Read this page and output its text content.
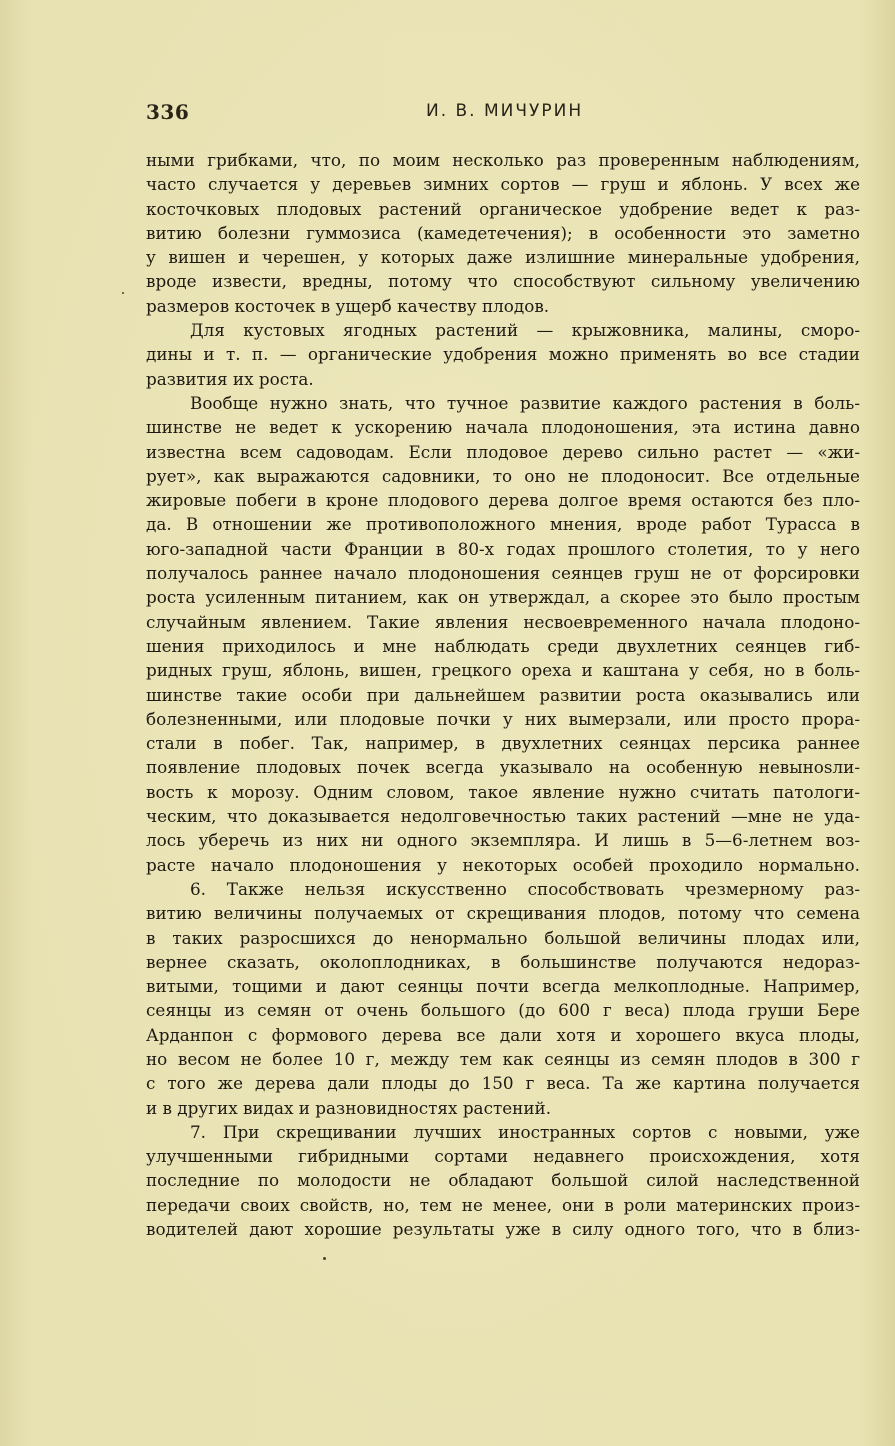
336	И. В. МИЧУРИН
ными грибками, что, по моим несколько раз проверенным наблюдениям,
часто случается у деревьев зимних сортов — груш и яблонь. У всех же
косточковых плодовых растений органическое удобрение ведет к раз-
витию болезни гуммозиса (камедетечения); в особенности это заметно
у вишен и черешен, у которых даже излишние минеральные удобрения,
вроде извести, вредны, потому что способствуют сильному увеличению
размеров косточек в ущерб качеству плодов.
Для кустовых ягодных растений — крыжовника, малины, сморо-
дины и т. п. — органические удобрения можно применять во все стадии
развития их роста.
Вообще нужно знать, что тучное развитие каждого растения в боль-
шинстве не ведет к ускорению начала плодоношения, эта истина давно
известна всем садоводам. Если плодовое дерево сильно растет — «жи-
рует», как выражаются садовники, то оно не плодоносит. Все отдельные
жировые побеги в кроне плодового дерева долгое время остаются без пло-
да. В отношении же противоположного мнения, вроде работ Турасса в
юго-западной части Франции в 80-х годах прошлого столетия, то у него
получалось раннее начало плодоношения сеянцев груш не от форсировки
роста усиленным питанием, как он утверждал, а скорее это было простым
случайным явлением. Такие явления несвоевременного начала плодоно-
шения приходилось и мне наблюдать среди двухлетних сеянцев гиб-
ридных груш, яблонь, вишен, грецкого ореха и каштана у себя, но в боль-
шинстве такие особи при дальнейшем развитии роста оказывались или
болезненными, или плодовые почки у них вымерзали, или просто прора-
стали в побег. Так, например, в двухлетних сеянцах персика раннее
появление плодовых почек всегда указывало на особенную невынosли-
вость к морозу. Одним словом, такое явление нужно считать патологи-
ческим, что доказывается недолговечностью таких растений —мне не уда-
лось уберечь из них ни одного экземпляра. И лишь в 5—6-летнем воз-
расте начало плодоношения у некоторых особей проходило нормально.
6. Также нельзя искусственно способствовать чрезмерному раз-
витию величины получаемых от скрещивания плодов, потому что семена
в таких разросшихся до ненормально большой величины плодах или,
вернее сказать, околоплодниках, в большинстве получаются недораз-
витыми, тощими и дают сеянцы почти всегда мелкоплодные. Например,
сеянцы из семян от очень большого (до 600 г веса) плода груши Бере
Арданпон с формового дерева все дали хотя и хорошего вкуса плоды,
но весом не более 10 г, между тем как сеянцы из семян плодов в 300 г
с того же дерева дали плоды до 150 г веса. Та же картина получается
и в других видах и разновидностях растений.
7. При скрещивании лучших иностранных сортов с новыми, уже
улучшенными гибридными сортами недавнего происхождения, хотя
последние по молодости не обладают большой силой наследственной
передачи своих свойств, но, тем не менее, они в роли материнских произ-
водителей дают хорошие результаты уже в силу одного того, что в близ-
